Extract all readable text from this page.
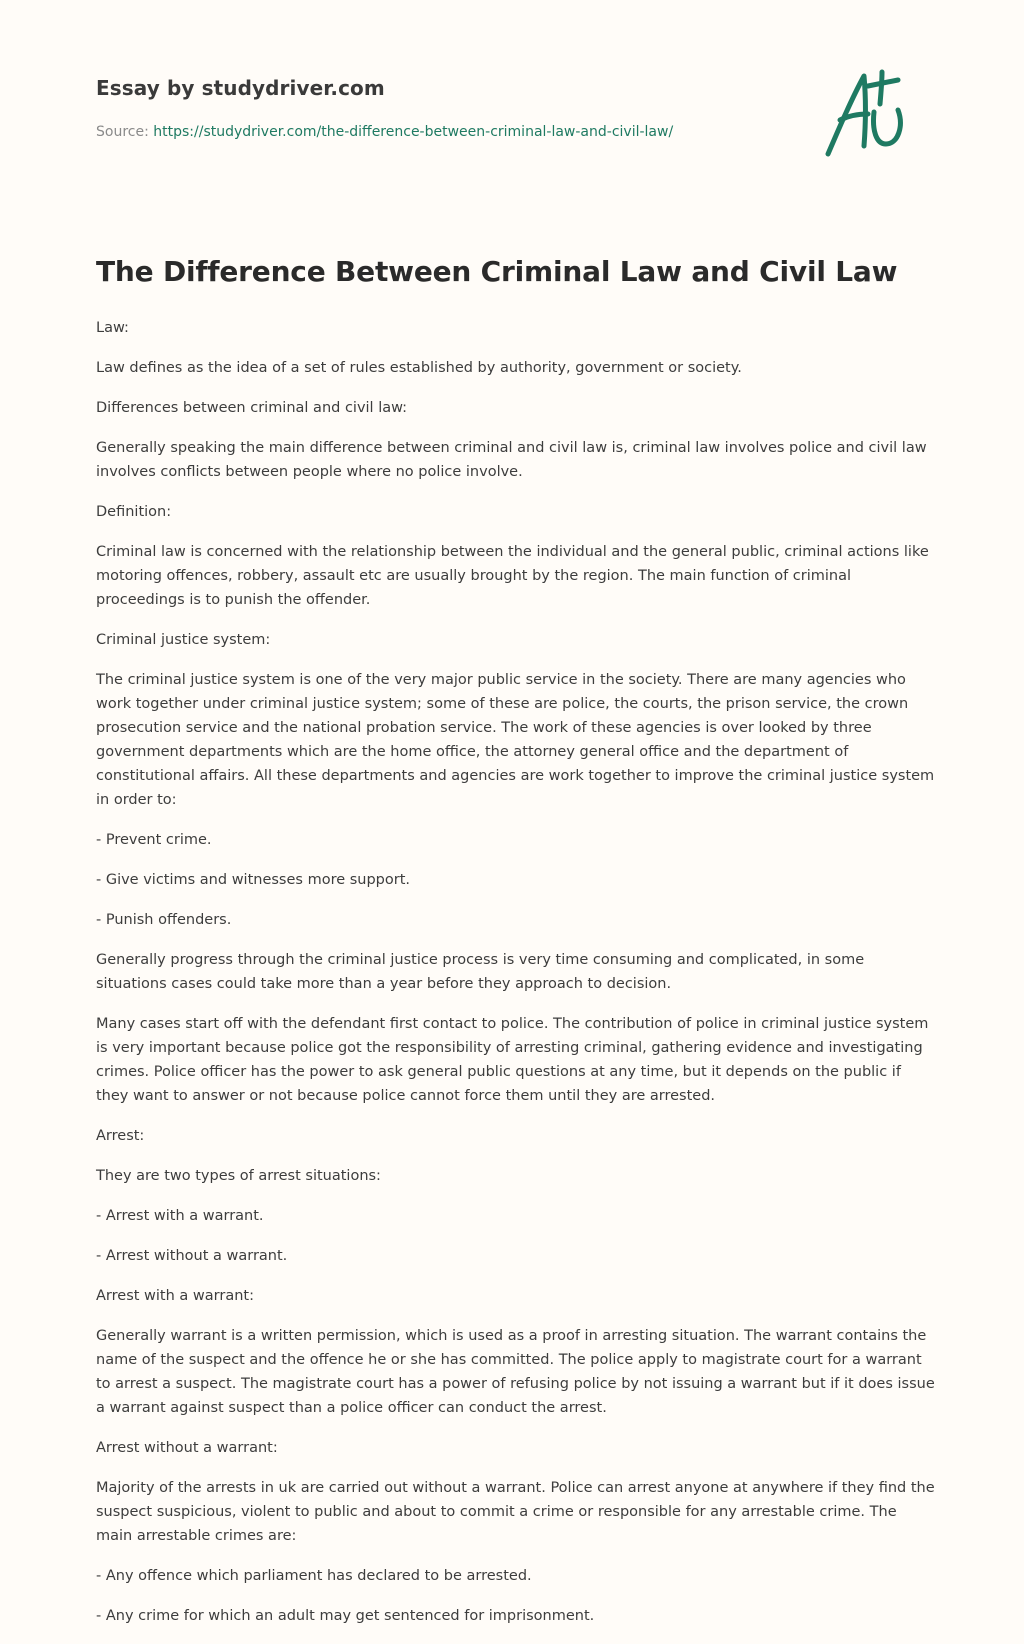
Essay by studydriver.com
Source: https://studydriver.com/the-difference-between-criminal-law-and-civil-law/
The Difference Between Criminal Law and Civil Law

Law:

Law defines as the idea of a set of rules established by authority, government or society.

Differences between criminal and civil law:

Generally speaking the main difference between criminal and civil law is, criminal law involves police and civil law involves conflicts between people where no police involve.

Definition:

Criminal law is concerned with the relationship between the individual and the general public, criminal actions like motoring offences, robbery, assault etc are usually brought by the region. The main function of criminal proceedings is to punish the offender.

Criminal justice system:

The criminal justice system is one of the very major public service in the society. There are many agencies who work together under criminal justice system; some of these are police, the courts, the prison service, the crown prosecution service and the national probation service. The work of these agencies is over looked by three government departments which are the home office, the attorney general office and the department of constitutional affairs. All these departments and agencies are work together to improve the criminal justice system in order to:

- Prevent crime.

- Give victims and witnesses more support.

- Punish offenders.

Generally progress through the criminal justice process is very time consuming and complicated, in some situations cases could take more than a year before they approach to decision.

Many cases start off with the defendant first contact to police. The contribution of police in criminal justice system is very important because police got the responsibility of arresting criminal, gathering evidence and investigating crimes. Police officer has the power to ask general public questions at any time, but it depends on the public if they want to answer or not because police cannot force them until they are arrested.

Arrest:

They are two types of arrest situations:

- Arrest with a warrant.

- Arrest without a warrant.

Arrest with a warrant:

Generally warrant is a written permission, which is used as a proof in arresting situation. The warrant contains the name of the suspect and the offence he or she has committed. The police apply to magistrate court for a warrant to arrest a suspect. The magistrate court has a power of refusing police by not issuing a warrant but if it does issue a warrant against suspect than a police officer can conduct the arrest.

Arrest without a warrant:

Majority of the arrests in uk are carried out without a warrant. Police can arrest anyone at anywhere if they find the suspect suspicious, violent to public and about to commit a crime or responsible for any arrestable crime. The main arrestable crimes are:

- Any offence which parliament has declared to be arrested.

- Any crime for which an adult may get sentenced for imprisonment.
